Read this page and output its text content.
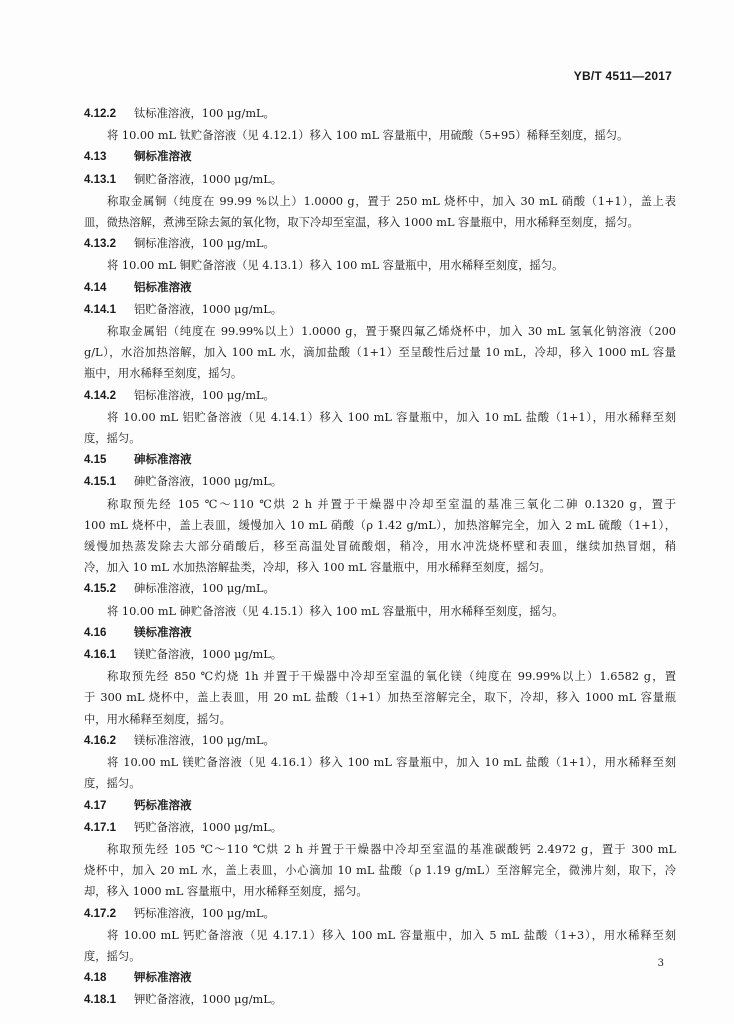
YB/T 4511—2017
4.12.2 钛标准溶液，100 μg/mL。
将 10.00 mL 钛贮备溶液（见 4.12.1）移入 100 mL 容量瓶中，用硫酸（5+95）稀释至刻度，摇匀。
4.13 铜标准溶液
4.13.1 铜贮备溶液，1000 μg/mL。
称取金属铜（纯度在 99.99 %以上）1.0000 g，置于 250 mL 烧杯中，加入 30 mL 硝酸（1+1），盖上表
皿，微热溶解，煮沸至除去氮的氧化物，取下冷却至室温，移入 1000 mL 容量瓶中，用水稀释至刻度，摇匀。
4.13.2 铜标准溶液，100 μg/mL。
将 10.00 mL 铜贮备溶液（见 4.13.1）移入 100 mL 容量瓶中，用水稀释至刻度，摇匀。
4.14 铝标准溶液
4.14.1 铝贮备溶液，1000 μg/mL。
称取金属铝（纯度在 99.99%以上）1.0000 g，置于聚四氟乙烯烧杯中，加入 30 mL 氢氧化钠溶液（200
g/L），水浴加热溶解，加入 100 mL 水，滴加盐酸（1+1）至呈酸性后过量 10 mL，冷却，移入 1000 mL 容量
瓶中，用水稀释至刻度，摇匀。
4.14.2 铝标准溶液，100 μg/mL。
将 10.00 mL 铝贮备溶液（见 4.14.1）移入 100 mL 容量瓶中，加入 10 mL 盐酸（1+1），用水稀释至刻
度，摇匀。
4.15 砷标准溶液
4.15.1 砷贮备溶液，1000 μg/mL。
称取预先经 105 ℃～110 ℃烘 2 h 并置于干燥器中冷却至室温的基准三氧化二砷 0.1320 g，置于
100 mL 烧杯中，盖上表皿，缓慢加入 10 mL 硝酸（ρ 1.42 g/mL），加热溶解完全，加入 2 mL 硫酸（1+1），
缓慢加热蒸发除去大部分硝酸后，移至高温处冒硫酸烟，稍冷，用水冲洗烧杯壁和表皿，继续加热冒烟，稍
冷，加入 10 mL 水加热溶解盐类，冷却，移入 100 mL 容量瓶中，用水稀释至刻度，摇匀。
4.15.2 砷标准溶液，100 μg/mL。
将 10.00 mL 砷贮备溶液（见 4.15.1）移入 100 mL 容量瓶中，用水稀释至刻度，摇匀。
4.16 镁标准溶液
4.16.1 镁贮备溶液，1000 μg/mL。
称取预先经 850 ℃灼烧 1h 并置于干燥器中冷却至室温的氧化镁（纯度在 99.99%以上）1.6582 g，置
于 300 mL 烧杯中，盖上表皿，用 20 mL 盐酸（1+1）加热至溶解完全，取下，冷却，移入 1000 mL 容量瓶
中，用水稀释至刻度，摇匀。
4.16.2 镁标准溶液，100 μg/mL。
将 10.00 mL 镁贮备溶液（见 4.16.1）移入 100 mL 容量瓶中，加入 10 mL 盐酸（1+1），用水稀释至刻
度，摇匀。
4.17 钙标准溶液
4.17.1 钙贮备溶液，1000 μg/mL。
称取预先经 105 ℃～110 ℃烘 2 h 并置于干燥器中冷却至室温的基准碳酸钙 2.4972 g，置于 300 mL
烧杯中，加入 20 mL 水，盖上表皿，小心滴加 10 mL 盐酸（ρ 1.19 g/mL）至溶解完全，微沸片刻，取下，冷
却，移入 1000 mL 容量瓶中，用水稀释至刻度，摇匀。
4.17.2 钙标准溶液，100 μg/mL。
将 10.00 mL 钙贮备溶液（见 4.17.1）移入 100 mL 容量瓶中，加入 5 mL 盐酸（1+3），用水稀释至刻
度，摇匀。
4.18 钾标准溶液
4.18.1 钾贮备溶液，1000 μg/mL。
3
